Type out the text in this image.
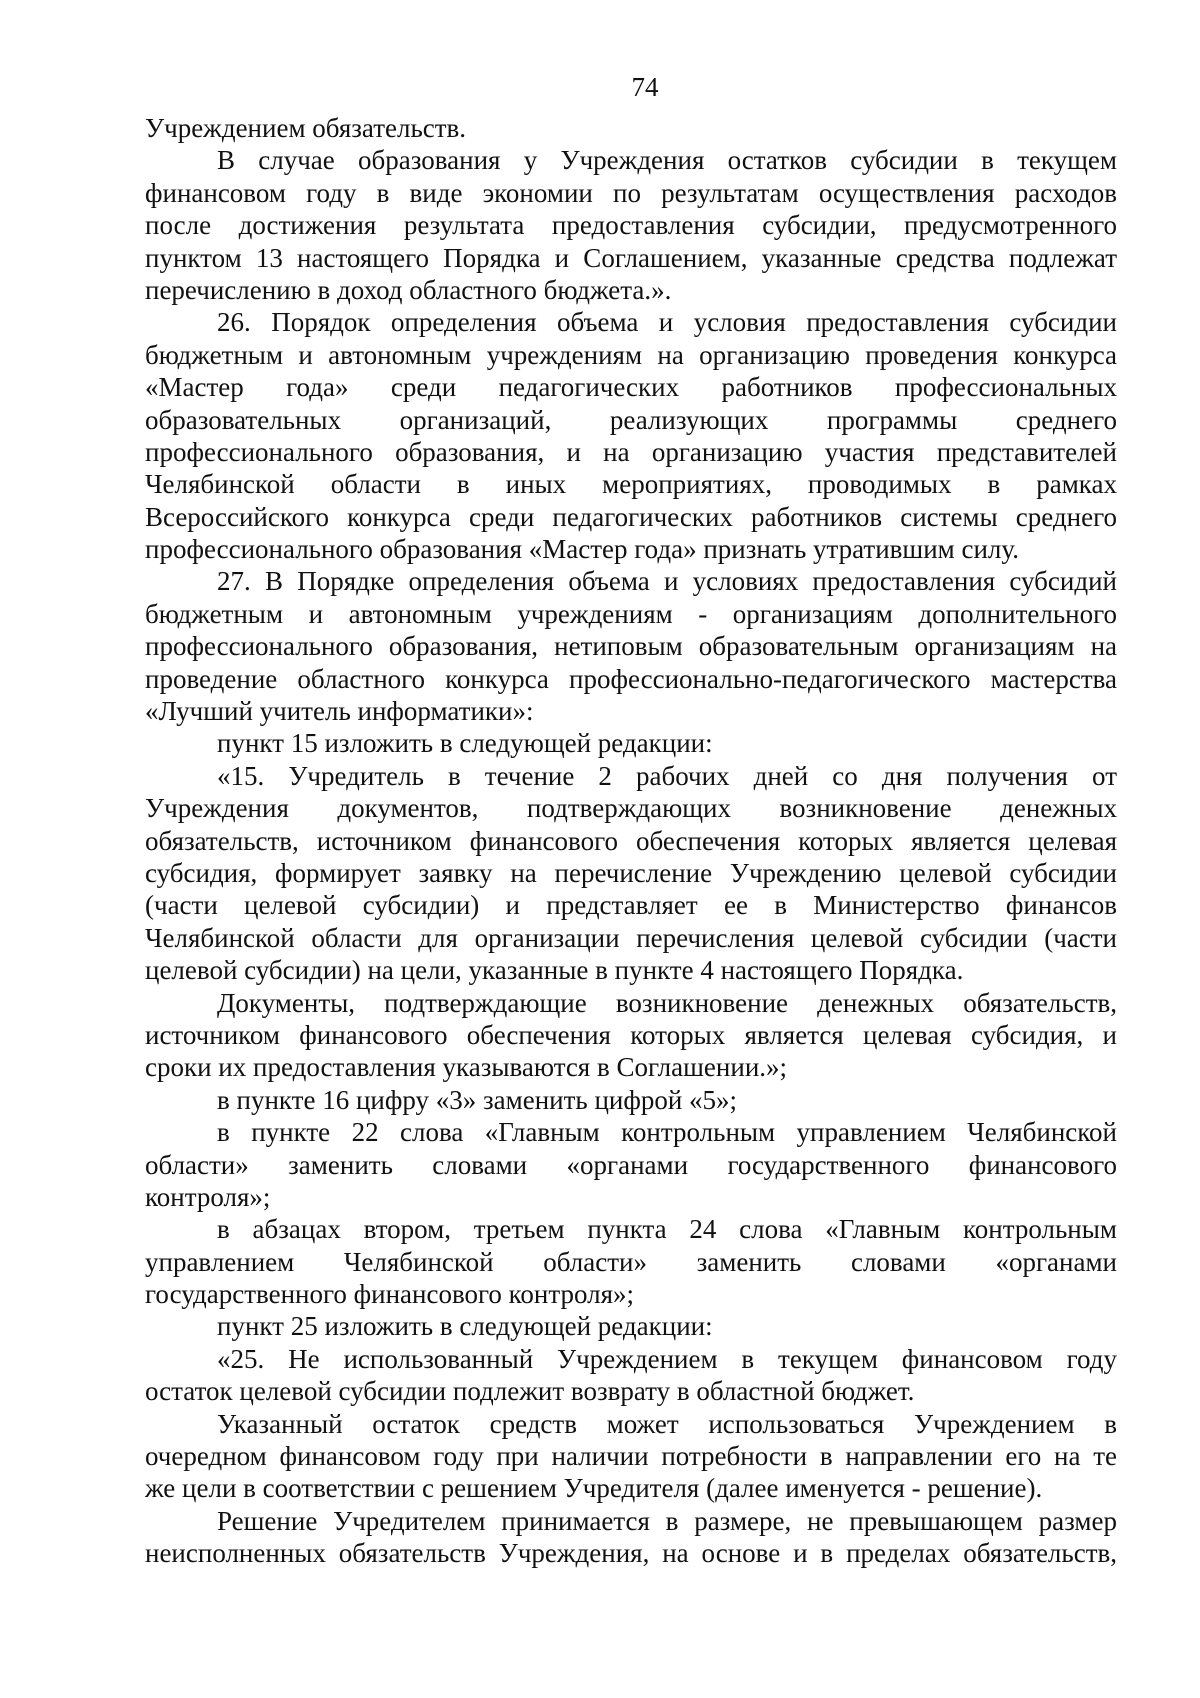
74
Учреждением обязательств.
В случае образования у Учреждения остатков субсидии в текущем
финансовом году в виде экономии по результатам осуществления расходов
после достижения результата предоставления субсидии, предусмотренного
пунктом 13 настоящего Порядка и Соглашением, указанные средства подлежат
перечислению в доход областного бюджета.».
26. Порядок определения объема и условия предоставления субсидии
бюджетным и автономным учреждениям на организацию проведения конкурса
«Мастер года» среди педагогических работников профессиональных
образовательных организаций, реализующих программы среднего
профессионального образования, и на организацию участия представителей
Челябинской области в иных мероприятиях, проводимых в рамках
Всероссийского конкурса среди педагогических работников системы среднего
профессионального образования «Мастер года» признать утратившим силу.
27. В Порядке определения объема и условиях предоставления субсидий
бюджетным и автономным учреждениям - организациям дополнительного
профессионального образования, нетиповым образовательным организациям на
проведение областного конкурса профессионально-педагогического мастерства
«Лучший учитель информатики»:
пункт 15 изложить в следующей редакции:
«15. Учредитель в течение 2 рабочих дней со дня получения от
Учреждения документов, подтверждающих возникновение денежных
обязательств, источником финансового обеспечения которых является целевая
субсидия, формирует заявку на перечисление Учреждению целевой субсидии
(части целевой субсидии) и представляет ее в Министерство финансов
Челябинской области для организации перечисления целевой субсидии (части
целевой субсидии) на цели, указанные в пункте 4 настоящего Порядка.
Документы, подтверждающие возникновение денежных обязательств,
источником финансового обеспечения которых является целевая субсидия, и
сроки их предоставления указываются в Соглашении.»;
в пункте 16 цифру «3» заменить цифрой «5»;
в пункте 22 слова «Главным контрольным управлением Челябинской
области» заменить словами «органами государственного финансового
контроля»;
в абзацах втором, третьем пункта 24 слова «Главным контрольным
управлением Челябинской области» заменить словами «органами
государственного финансового контроля»;
пункт 25 изложить в следующей редакции:
«25. Не использованный Учреждением в текущем финансовом году
остаток целевой субсидии подлежит возврату в областной бюджет.
Указанный остаток средств может использоваться Учреждением в
очередном финансовом году при наличии потребности в направлении его на те
же цели в соответствии с решением Учредителя (далее именуется - решение).
Решение Учредителем принимается в размере, не превышающем размер
неисполненных обязательств Учреждения, на основе и в пределах обязательств,
